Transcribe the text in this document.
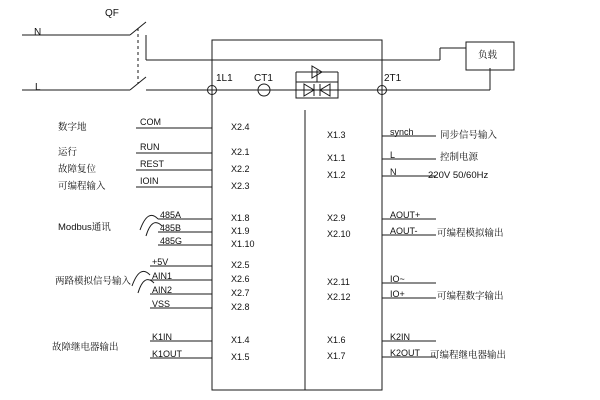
QF
N
L
1L1 CT1	2T1
负载
数字地	COM	X2.4
运行	RUN	X2.1
故障复位	REST	X2.2
可编程输入	IOIN	X2.3
Modbus通讯
485A	X1.8
485B	X1.9
485G	X1.10
两路模拟信号输入
+5V	X2.5
AIN1	X2.6
AIN2	X2.7
VSS	X2.8
故障继电器输出
K1IN	X1.4
K1OUT	X1.5
X1.3	synch	同步信号输入
X1.1	L	控制电源
X1.2	N	220V 50/60Hz
X2.9	AOUT+
X2.10	AOUT- 可编程模拟输出
X2.11	IO~
X2.12	IO+	可编程数字输出
X1.6	K2IN
X1.7	K2OUT 可编程继电器输出
